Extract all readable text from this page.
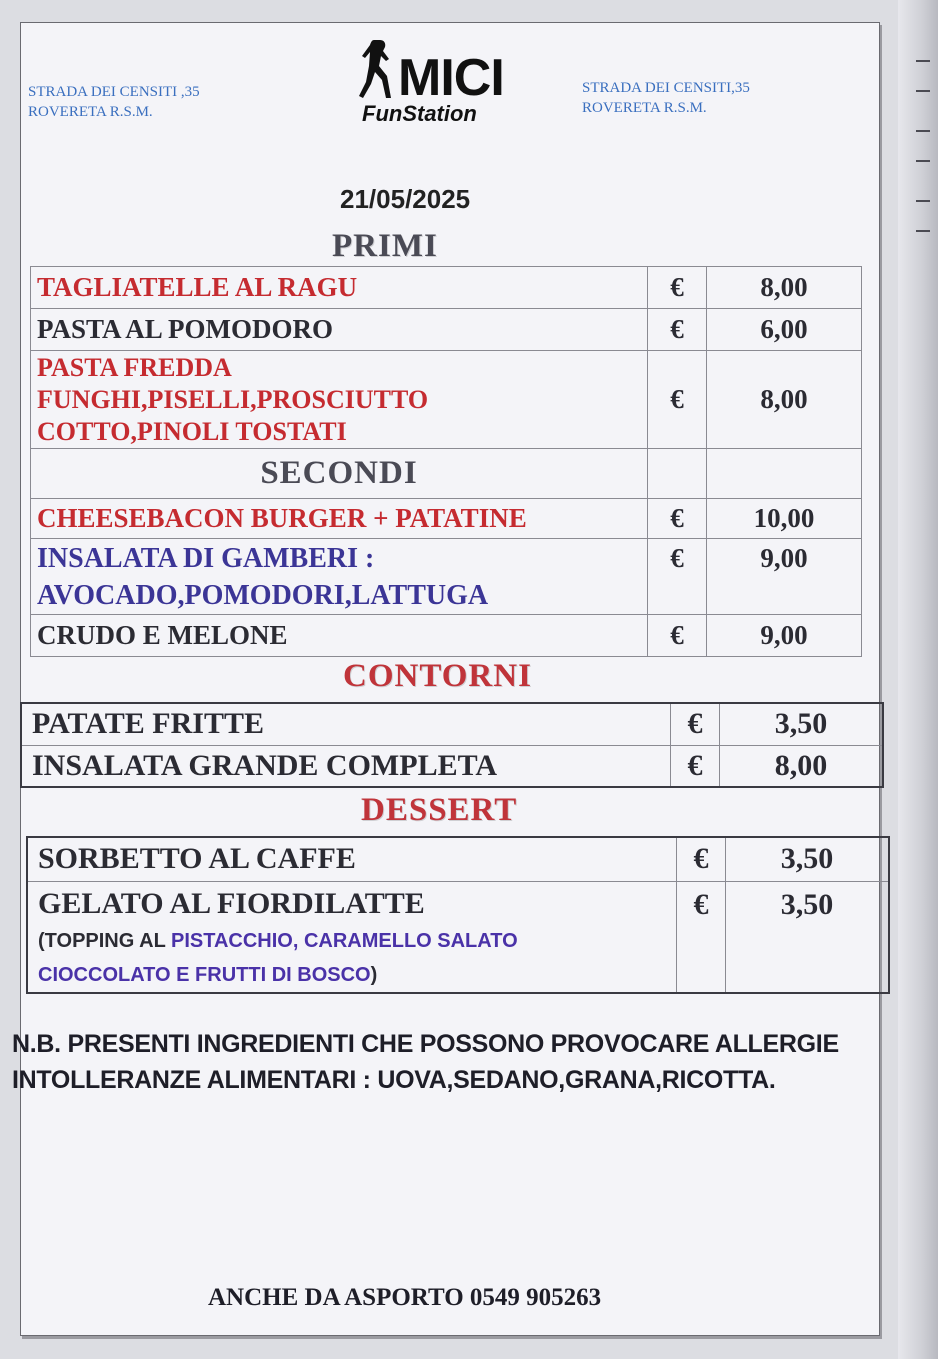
STRADA DEI CENSITI ,35
ROVERETA R.S.M.
STRADA DEI CENSITI,35
ROVERETA R.S.M.
MICI
FunStation
21/05/2025
PRIMI
TAGLIATELLE AL RAGU	€	8,00
PASTA AL POMODORO	€	6,00

PASTA FREDDA
FUNGHI,PISELLI,PROSCIUTTO
COTTO,PINOLI TOSTATI	€	8,00
SECONDI		
CHEESEBACON BURGER + PATATINE	€	10,00

INSALATA DI GAMBERI :
AVOCADO,POMODORI,LATTUGA	€	9,00
CRUDO E MELONE	€	9,00
CONTORNI
PATATE FRITTE	€	3,50
INSALATA GRANDE COMPLETA	€	8,00
DESSERT
SORBETTO AL CAFFE	€	3,50

GELATO AL FIORDILATTE
(TOPPING AL PISTACCHIO, CARAMELLO SALATO
CIOCCOLATO E FRUTTI DI BOSCO)	€	3,50
N.B. PRESENTI INGREDIENTI CHE POSSONO PROVOCARE ALLERGIE
INTOLLERANZE ALIMENTARI : UOVA,SEDANO,GRANA,RICOTTA.
ANCHE DA ASPORTO 0549 905263
